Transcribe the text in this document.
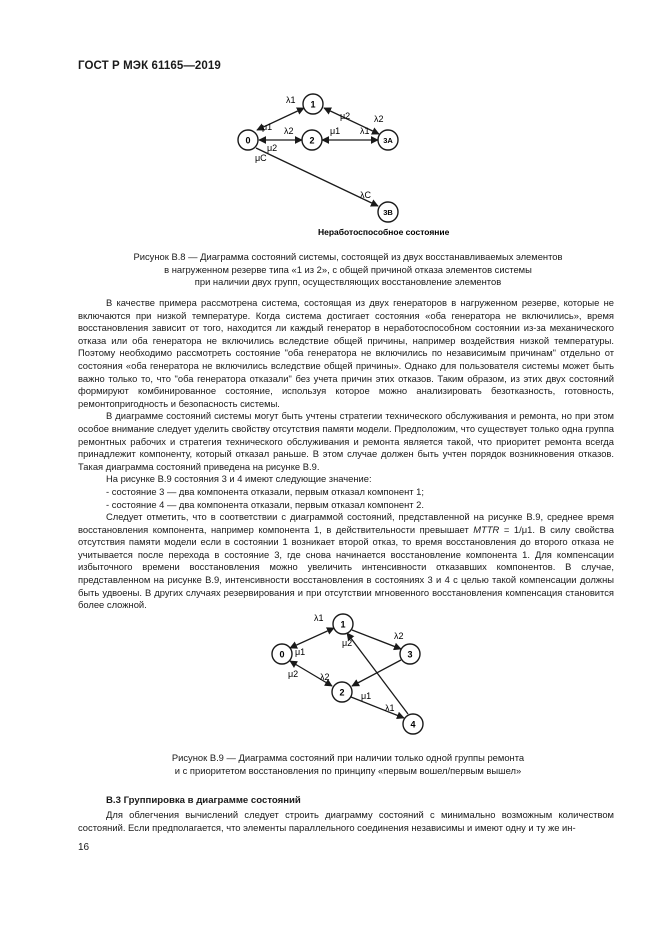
ГОСТ Р МЭК 61165—2019
0
1
2	3A
3B
λ1
μ1 λ2
μ2
μ2	λ2
μ1 λ1
μC
λC
Неработоспособное состояние
Рисунок В.8 — Диаграмма состояний системы, состоящей из двух восстанавливаемых элементов
в нагруженном резерве типа «1 из 2», с общей причиной отказа элементов системы
при наличии двух групп, осуществляющих восстановление элементов

В качестве примера рассмотрена система, состоящая из двух генераторов в нагруженном резерве, которые не включаются при низкой температуре. Когда система достигает состояния «оба генератора не включились», время восстановления зависит от того, находится ли каждый генератор в неработоспособном состоянии из-за механического отказа или оба генератора не включились вследствие общей причины, например воздействия низкой температуры. Поэтому необходимо рассмотреть состояние "оба генератора не включились по независимым причинам" отдельно от состояния «оба генератора не включились вследствие общей причины». Однако для пользователя системы может быть важно только то, что "оба генератора отказали" без учета причин этих отказов. Таким образом, из этих двух состояний формируют комбинированное состояние, используя которое можно анализировать безотказность, готовность, ремонтопригодность и безопасность системы.

В диаграмме состояний системы могут быть учтены стратегии технического обслуживания и ремонта, но при этом особое внимание следует уделить свойству отсутствия памяти модели. Предположим, что существует только одна группа ремонтных рабочих и стратегия технического обслуживания и ремонта является такой, что приоритет ремонта всегда принадлежит компоненту, который отказал раньше. В этом случае должен быть учтен порядок возникновения отказов. Такая диаграмма состояний приведена на рисунке В.9.

На рисунке В.9 состояния 3 и 4 имеют следующие значение:

- состояние 3 — два компонента отказали, первым отказал компонент 1;

- состояние 4 — два компонента отказали, первым отказал компонент 2.

Следует отметить, что в соответствии с диаграммой состояний, представленной на рисунке В.9, среднее время восстановления компонента, например компонента 1, в действительности превышает MTTR = 1/μ1. В силу свойства отсутствия памяти модели если в состоянии 1 возникает второй отказ, то время восстановления до второго отказа не учитывается после перехода в состояние 3, где снова начинается восстановление компонента 1. Для компенсации избыточного времени восстановления можно увеличить интенсивности отказавших компонентов. В случае, представленном на рисунке В.9, интенсивности восстановления в состояниях 3 и 4 с целью такой компенсации должны быть удвоены. В других случаях резервирования и при отсутствии мгновенного восстановления компенсация становится более сложной.

0
1
2
3
4
λ1
μ1
λ2
μ2
λ2
μ2
μ1
λ1
Рисунок В.9 — Диаграмма состояний при наличии только одной группы ремонта
и с приоритетом восстановления по принципу «первым вошел/первым вышел»
В.3 Группировка в диаграмме состояний

Для облегчения вычислений следует строить диаграмму состояний с минимально возможным количеством состояний. Если предполагается, что элементы параллельного соединения независимы и имеют одну и ту же ин-

16
